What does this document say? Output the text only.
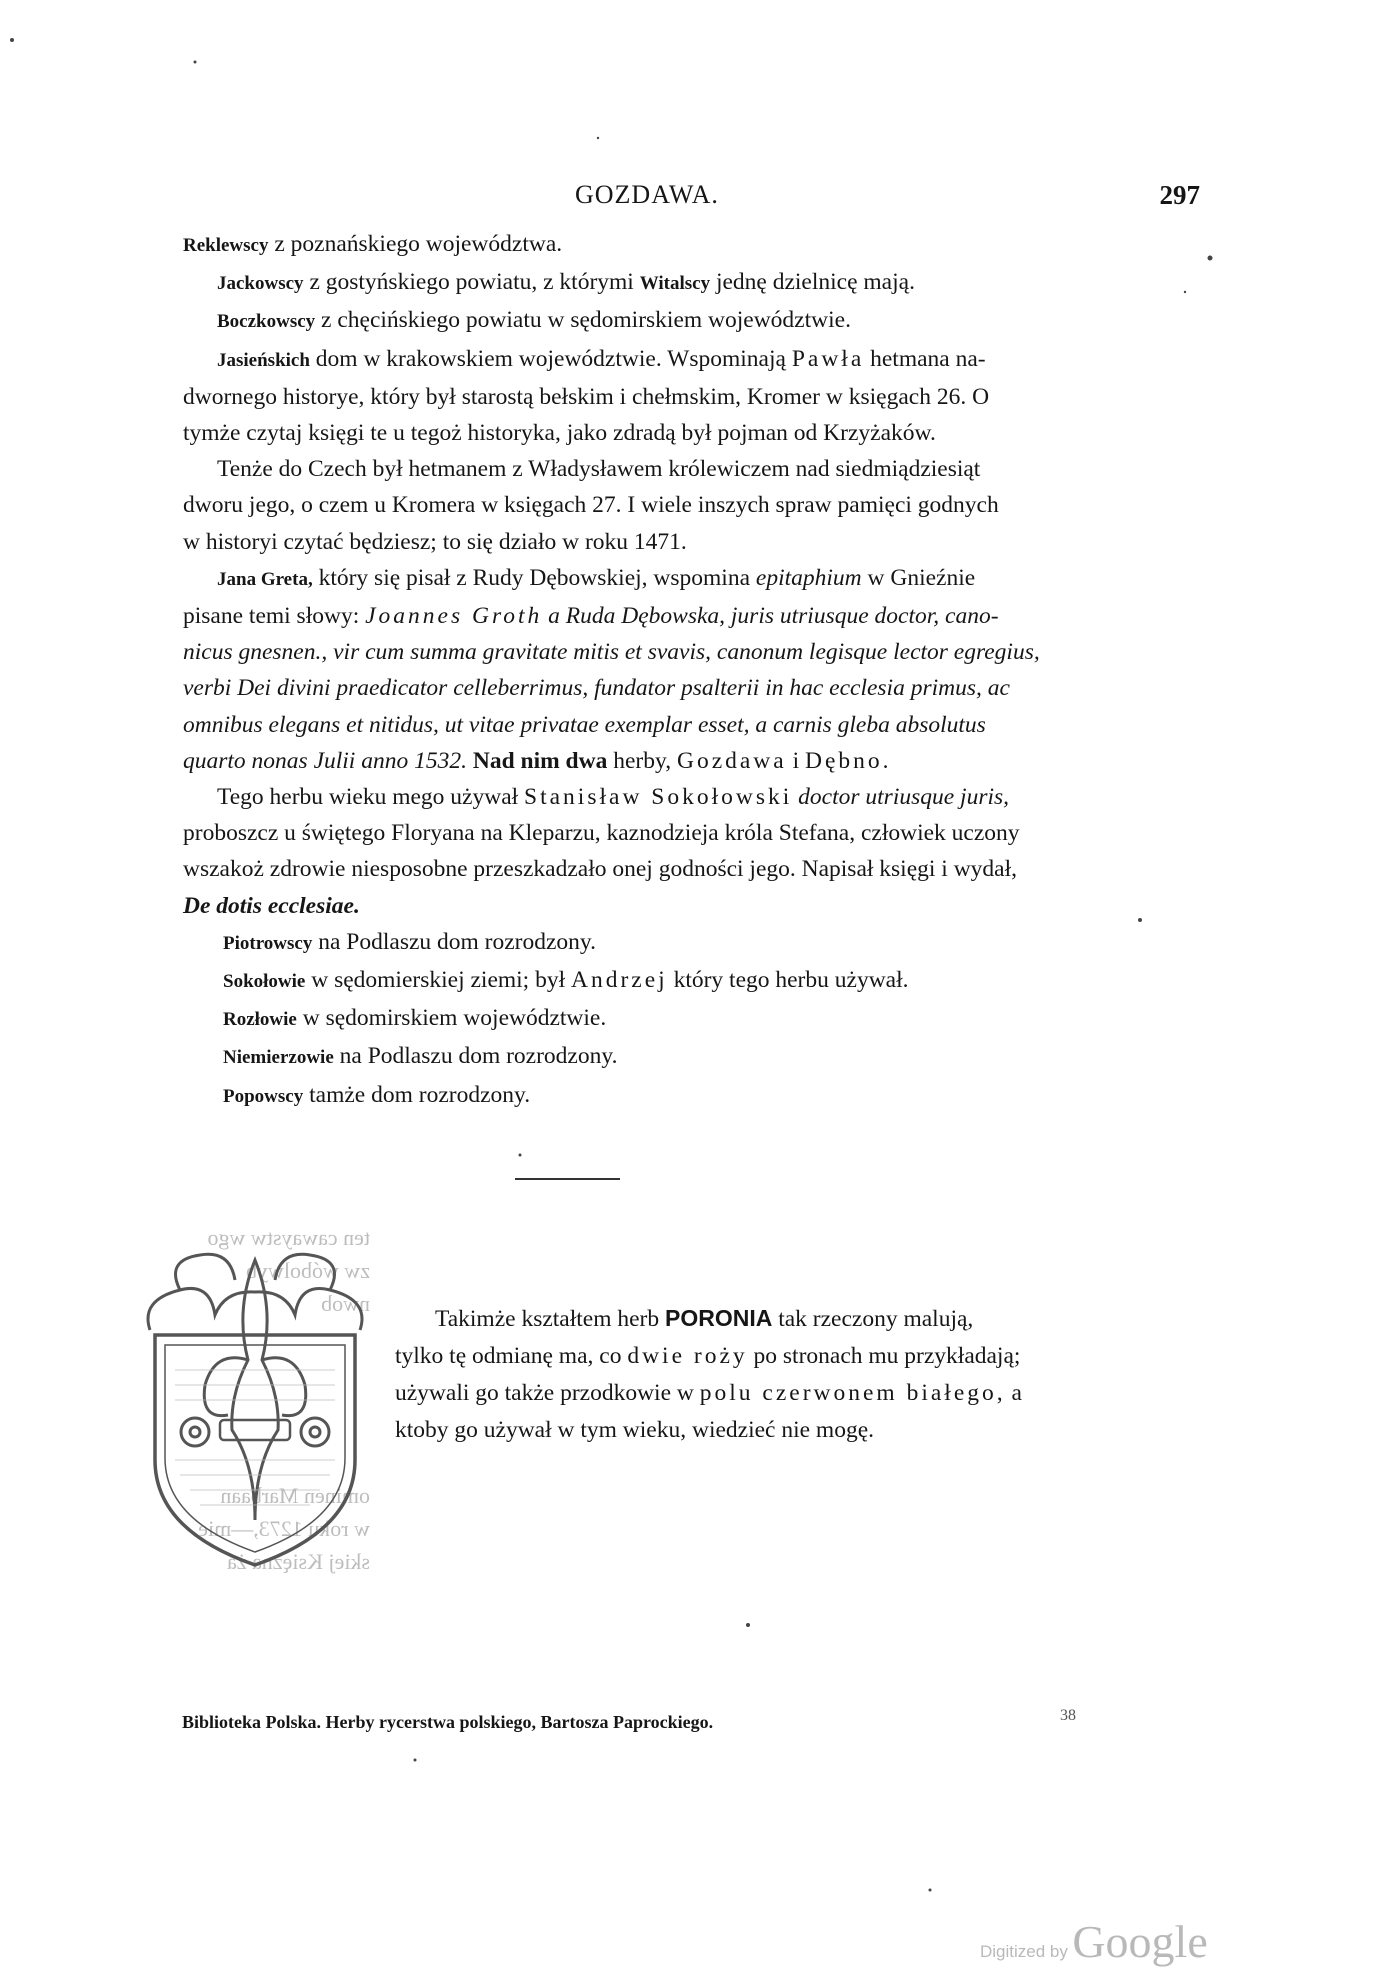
GOZDAWA.	297

Reklewscy z poznańskiego województwa.

Jackowscy z gostyńskiego powiatu, z którymi Witalscy jednę dzielnicę mają.

Boczkowscy z chęcińskiego powiatu w sędomirskiem województwie.

Jasieńskich dom w krakowskiem województwie. Wspominają Pawła hetmana na-

dwornego historye, który był starostą bełskim i chełmskim, Kromer w księgach 26. O

tymże czytaj księgi te u tegoż historyka, jako zdradą był pojman od Krzyżaków.

Tenże do Czech był hetmanem z Władysławem królewiczem nad siedmiądziesiąt

dworu jego, o czem u Kromera w księgach 27. I wiele inszych spraw pamięci godnych

w historyi czytać będziesz; to się działo w roku 1471.

Jana Greta, który się pisał z Rudy Dębowskiej, wspomina epitaphium w Gnieźnie

pisane temi słowy: Joannes Groth a Ruda Dębowska, juris utriusque doctor, cano-

nicus gnesnen., vir cum summa gravitate mitis et svavis, canonum legisque lector egregius,

verbi Dei divini praedicator celleberrimus, fundator psalterii in hac ecclesia primus, ac

omnibus elegans et nitidus, ut vitae privatae exemplar esset, a carnis gleba absolutus

quarto nonas Julii anno 1532. Nad nim dwa herby, Gozdawa i Dębno.

Tego herbu wieku mego używał Stanisław Sokołowski doctor utriusque juris,

proboszcz u świętego Floryana na Kleparzu, kaznodzieja króla Stefana, człowiek uczony

wszakoż zdrowie niesposobne przeszkadzało onej godności jego. Napisał księgi i wydał,

De dotis ecclesiae.

Piotrowscy na Podlaszu dom rozrodzony.

Sokołowie w sędomierskiej ziemi; był Andrzej który tego herbu używał.

Rozłowie w sędomirskiem województwie.

Niemierzowie na Podlaszu dom rozrodzony.

Popowscy tamże dom rozrodzony.

ten cawaystw wgo
zw wóbolwyb
nwob
ominen Marbaan
w roku 1273,—mie
skiej Księżna ża

Takimże kształtem herb PORONIA tak rzeczony malują,

tylko tę odmianę ma, co dwie roży po stronach mu przykładają;

używali go także przodkowie w polu czerwonem białego, a

ktoby go używał w tym wieku, wiedzieć nie mogę.

Biblioteka Polska. Herby rycerstwa polskiego, Bartosza Paprockiego.	38
Digitized by Google
